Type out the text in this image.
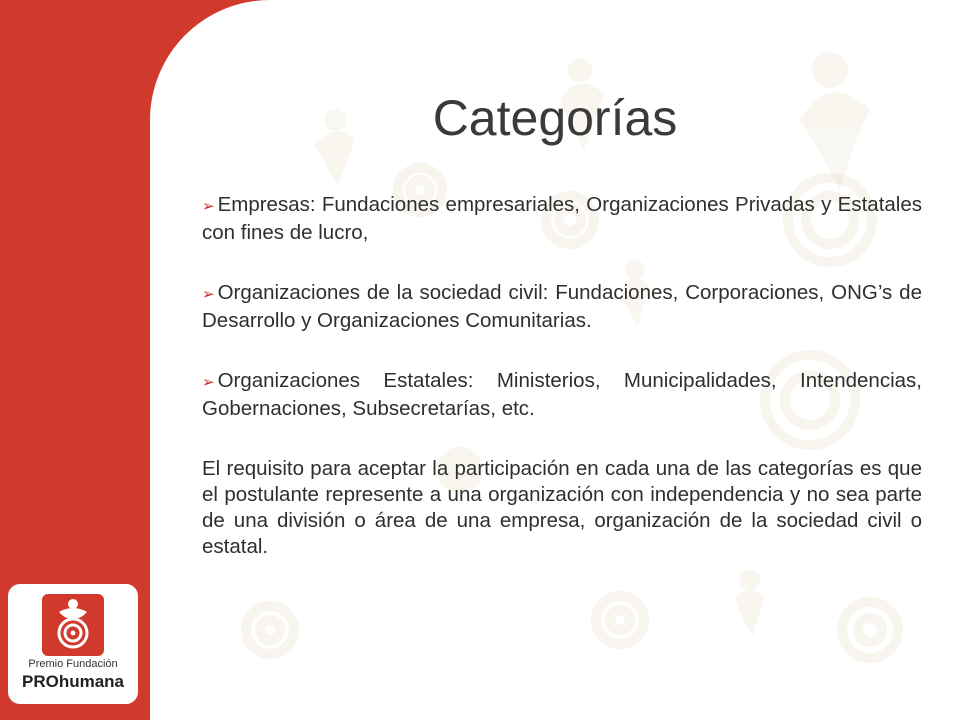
Categorías

➢ Empresas: Fundaciones empresariales, Organizaciones Privadas y Estatales con fines de lucro,

➢ Organizaciones de la sociedad civil: Fundaciones, Corporaciones, ONG’s de Desarrollo y Organizaciones Comunitarias.

➢ Organizaciones Estatales: Ministerios, Municipalidades, Intendencias, Gobernaciones, Subsecretarías, etc.

El requisito para aceptar la participación en cada una de las categorías es que el postulante represente a una organización con independencia y no sea parte de una división o área de una empresa, organización de la sociedad civil o estatal.

Premio Fundación
PROhumana
